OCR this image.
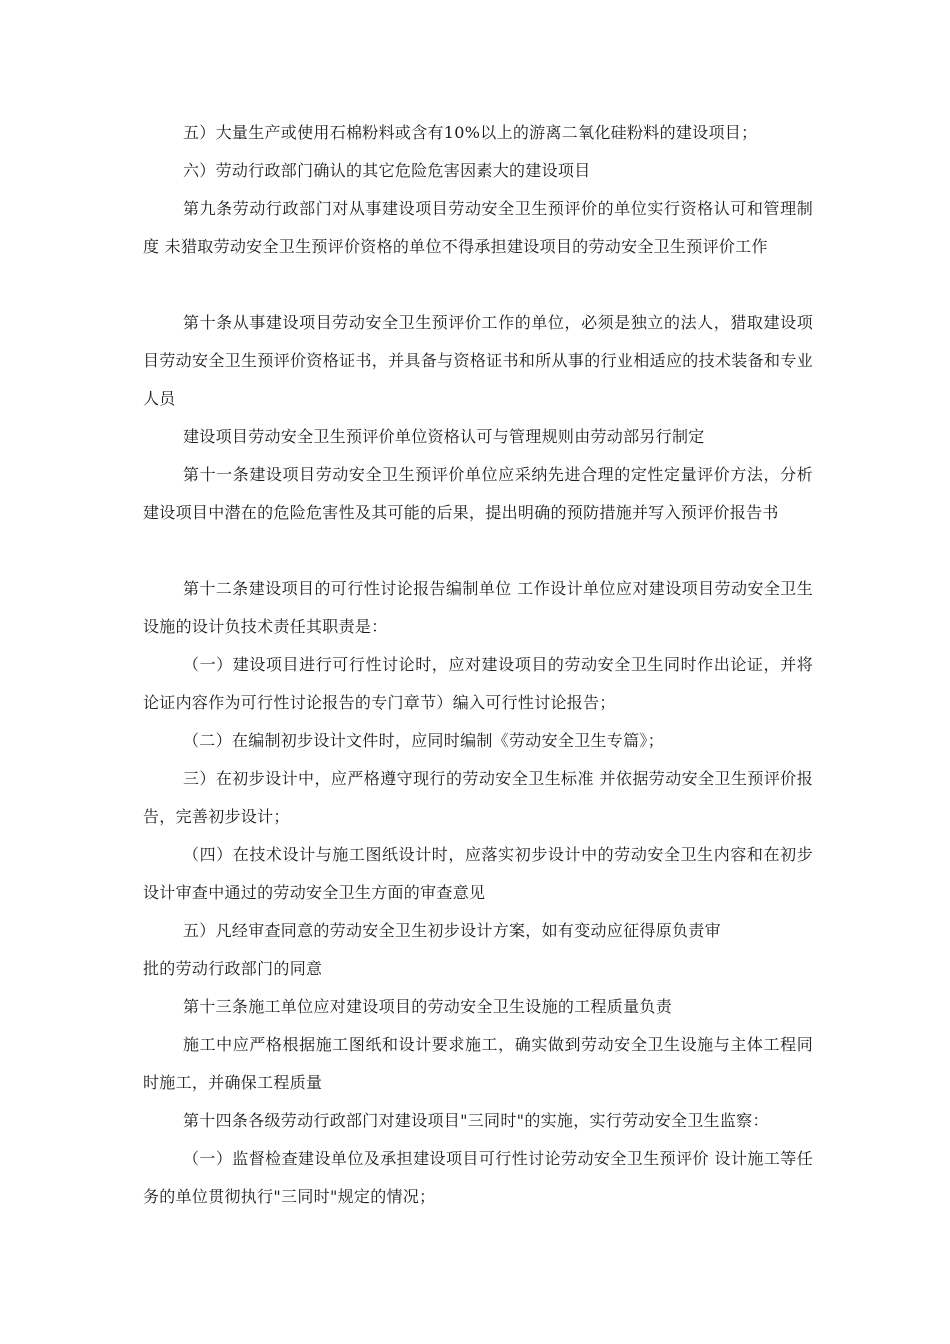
五）大量生产或使用石棉粉料或含有10%以上的游离二氧化硅粉料的建设项目；

六）劳动行政部门确认的其它危险危害因素大的建设项目

第九条劳动行政部门对从事建设项目劳动安全卫生预评价的单位实行资格认可和管理制度 未猎取劳动安全卫生预评价资格的单位不得承担建设项目的劳动安全卫生预评价工作

第十条从事建设项目劳动安全卫生预评价工作的单位，必须是独立的法人，猎取建设项目劳动安全卫生预评价资格证书，并具备与资格证书和所从事的行业相适应的技术装备和专业人员

建设项目劳动安全卫生预评价单位资格认可与管理规则由劳动部另行制定

第十一条建设项目劳动安全卫生预评价单位应采纳先进合理的定性定量评价方法，分析建设项目中潜在的危险危害性及其可能的后果，提出明确的预防措施并写入预评价报告书

第十二条建设项目的可行性讨论报告编制单位 工作设计单位应对建设项目劳动安全卫生设施的设计负技术责任其职责是：

（一）建设项目进行可行性讨论时，应对建设项目的劳动安全卫生同时作出论证，并将论证内容作为可行性讨论报告的专门章节）编入可行性讨论报告；

（二）在编制初步设计文件时，应同时编制《劳动安全卫生专篇》；

三）在初步设计中，应严格遵守现行的劳动安全卫生标准 并依据劳动安全卫生预评价报告，完善初步设计；

（四）在技术设计与施工图纸设计时，应落实初步设计中的劳动安全卫生内容和在初步设计审查中通过的劳动安全卫生方面的审查意见

五）凡经审查同意的劳动安全卫生初步设计方案，如有变动应征得原负责审

批的劳动行政部门的同意

第十三条施工单位应对建设项目的劳动安全卫生设施的工程质量负责

施工中应严格根据施工图纸和设计要求施工，确实做到劳动安全卫生设施与主体工程同时施工，并确保工程质量

第十四条各级劳动行政部门对建设项目"三同时"的实施，实行劳动安全卫生监察：

（一）监督检查建设单位及承担建设项目可行性讨论劳动安全卫生预评价 设计施工等任务的单位贯彻执行"三同时"规定的情况；
